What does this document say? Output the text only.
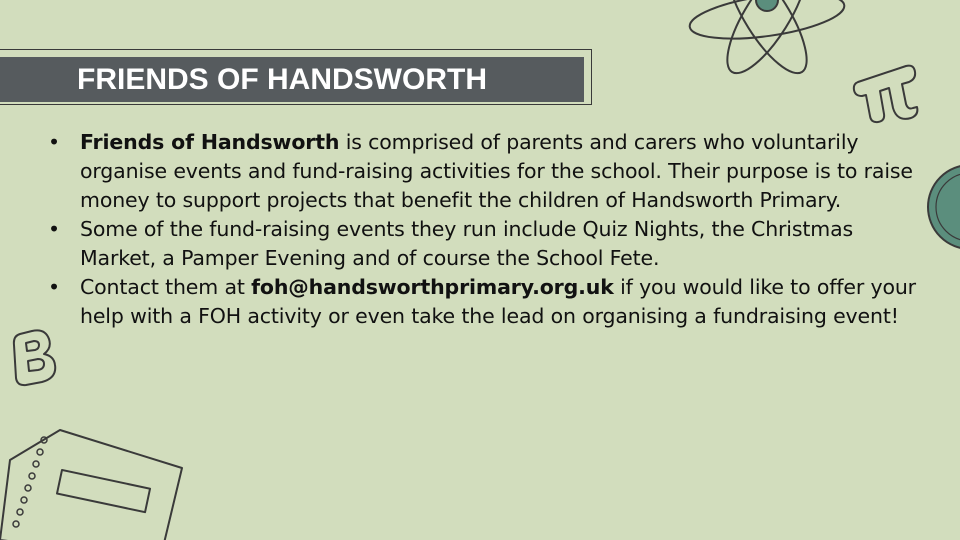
FRIENDS OF HANDSWORTH
• Friends of Handsworth is comprised of parents and carers who voluntarily organise events and fund-raising activities for the school. Their purpose is to raise money to support projects that benefit the children of Handsworth Primary.
• Some of the fund-raising events they run include Quiz Nights, the Christmas Market, a Pamper Evening and of course the School Fete.
• Contact them at foh@handsworthprimary.org.uk if you would like to offer your help with a FOH activity or even take the lead on organising a fundraising event!
